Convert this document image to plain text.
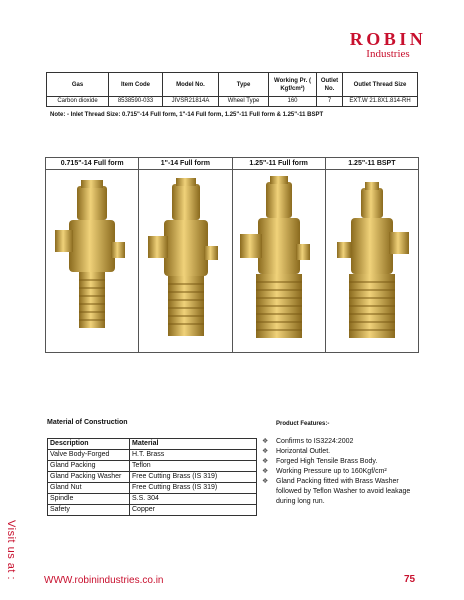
ROBIN
Industries
Gas	Item Code	Model No.	Type	Working Pr. ( Kgf/cm²)	Outlet No.	Outlet Thread Size
Carbon dioxide	8538590-033	JIVSR21814A	Wheel Type	160	7	EXT.W 21.8X1.814-RH
Note: - Inlet Thread Size: 0.715"-14 Full form, 1"-14 Full form, 1.25"-11 Full form & 1.25"-11 BSPT
0.715"-14 Full form	1"-14 Full form	1.25"-11 Full form	1.25"-11 BSPT
Material of Construction
Description	Material
Valve Body-Forged	H.T. Brass
Gland Packing	Teflon
Gland Packing Washer	Free Cutting Brass (IS 319)
Gland Nut	Free Cutting Brass (IS 319)
Spindle	S.S. 304
Safety	Copper
Product Features:-
❖ Confirms to IS3224:2002
❖ Horizontal Outlet.
❖ Forged High Tensile Brass Body.
❖ Working Pressure up to 160Kgf/cm²
❖ Gland Packing fitted with Brass Washer followed by Teflon Washer to avoid leakage during long run.
Visit us at :
WWW.robinindustries.co.in	75
